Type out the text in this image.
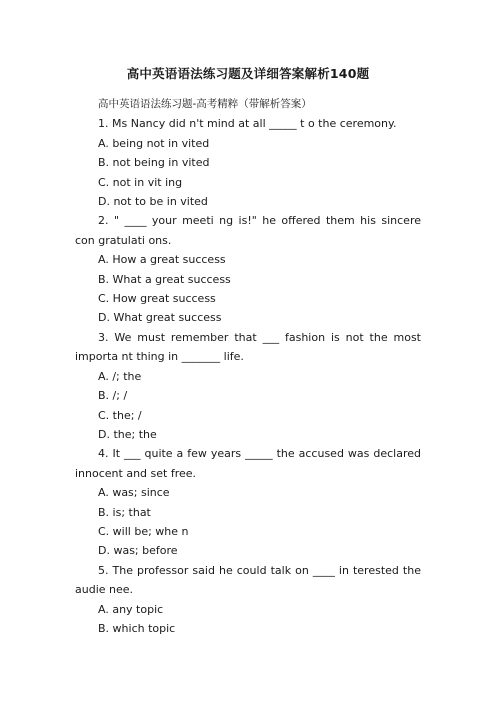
高中英语语法练习题及详细答案解析140题
高中英语语法练习题-高考精粹（带解析答案）
1. Ms Nancy did n't mind at all _____ t o the ceremony.
A. being not in vited
B. not being in vited
C. not in vit ing
D. not to be in vited
2. " ____ your meeti ng is!" he offered them his sincere con gratulati ons.
A. How a great success
B. What a great success
C. How great success
D. What great success
3. We must remember that ___ fashion is not the most importa nt thing in _______ life.
A. /; the
B. /; /
C. the; /
D. the; the
4. It ___ quite a few years _____ the accused was declared innocent and set free.
A. was; since
B. is; that
C. will be; whe n
D. was; before
5. The professor said he could talk on ____ in terested the audie nee.
A. any topic
B. which topic
